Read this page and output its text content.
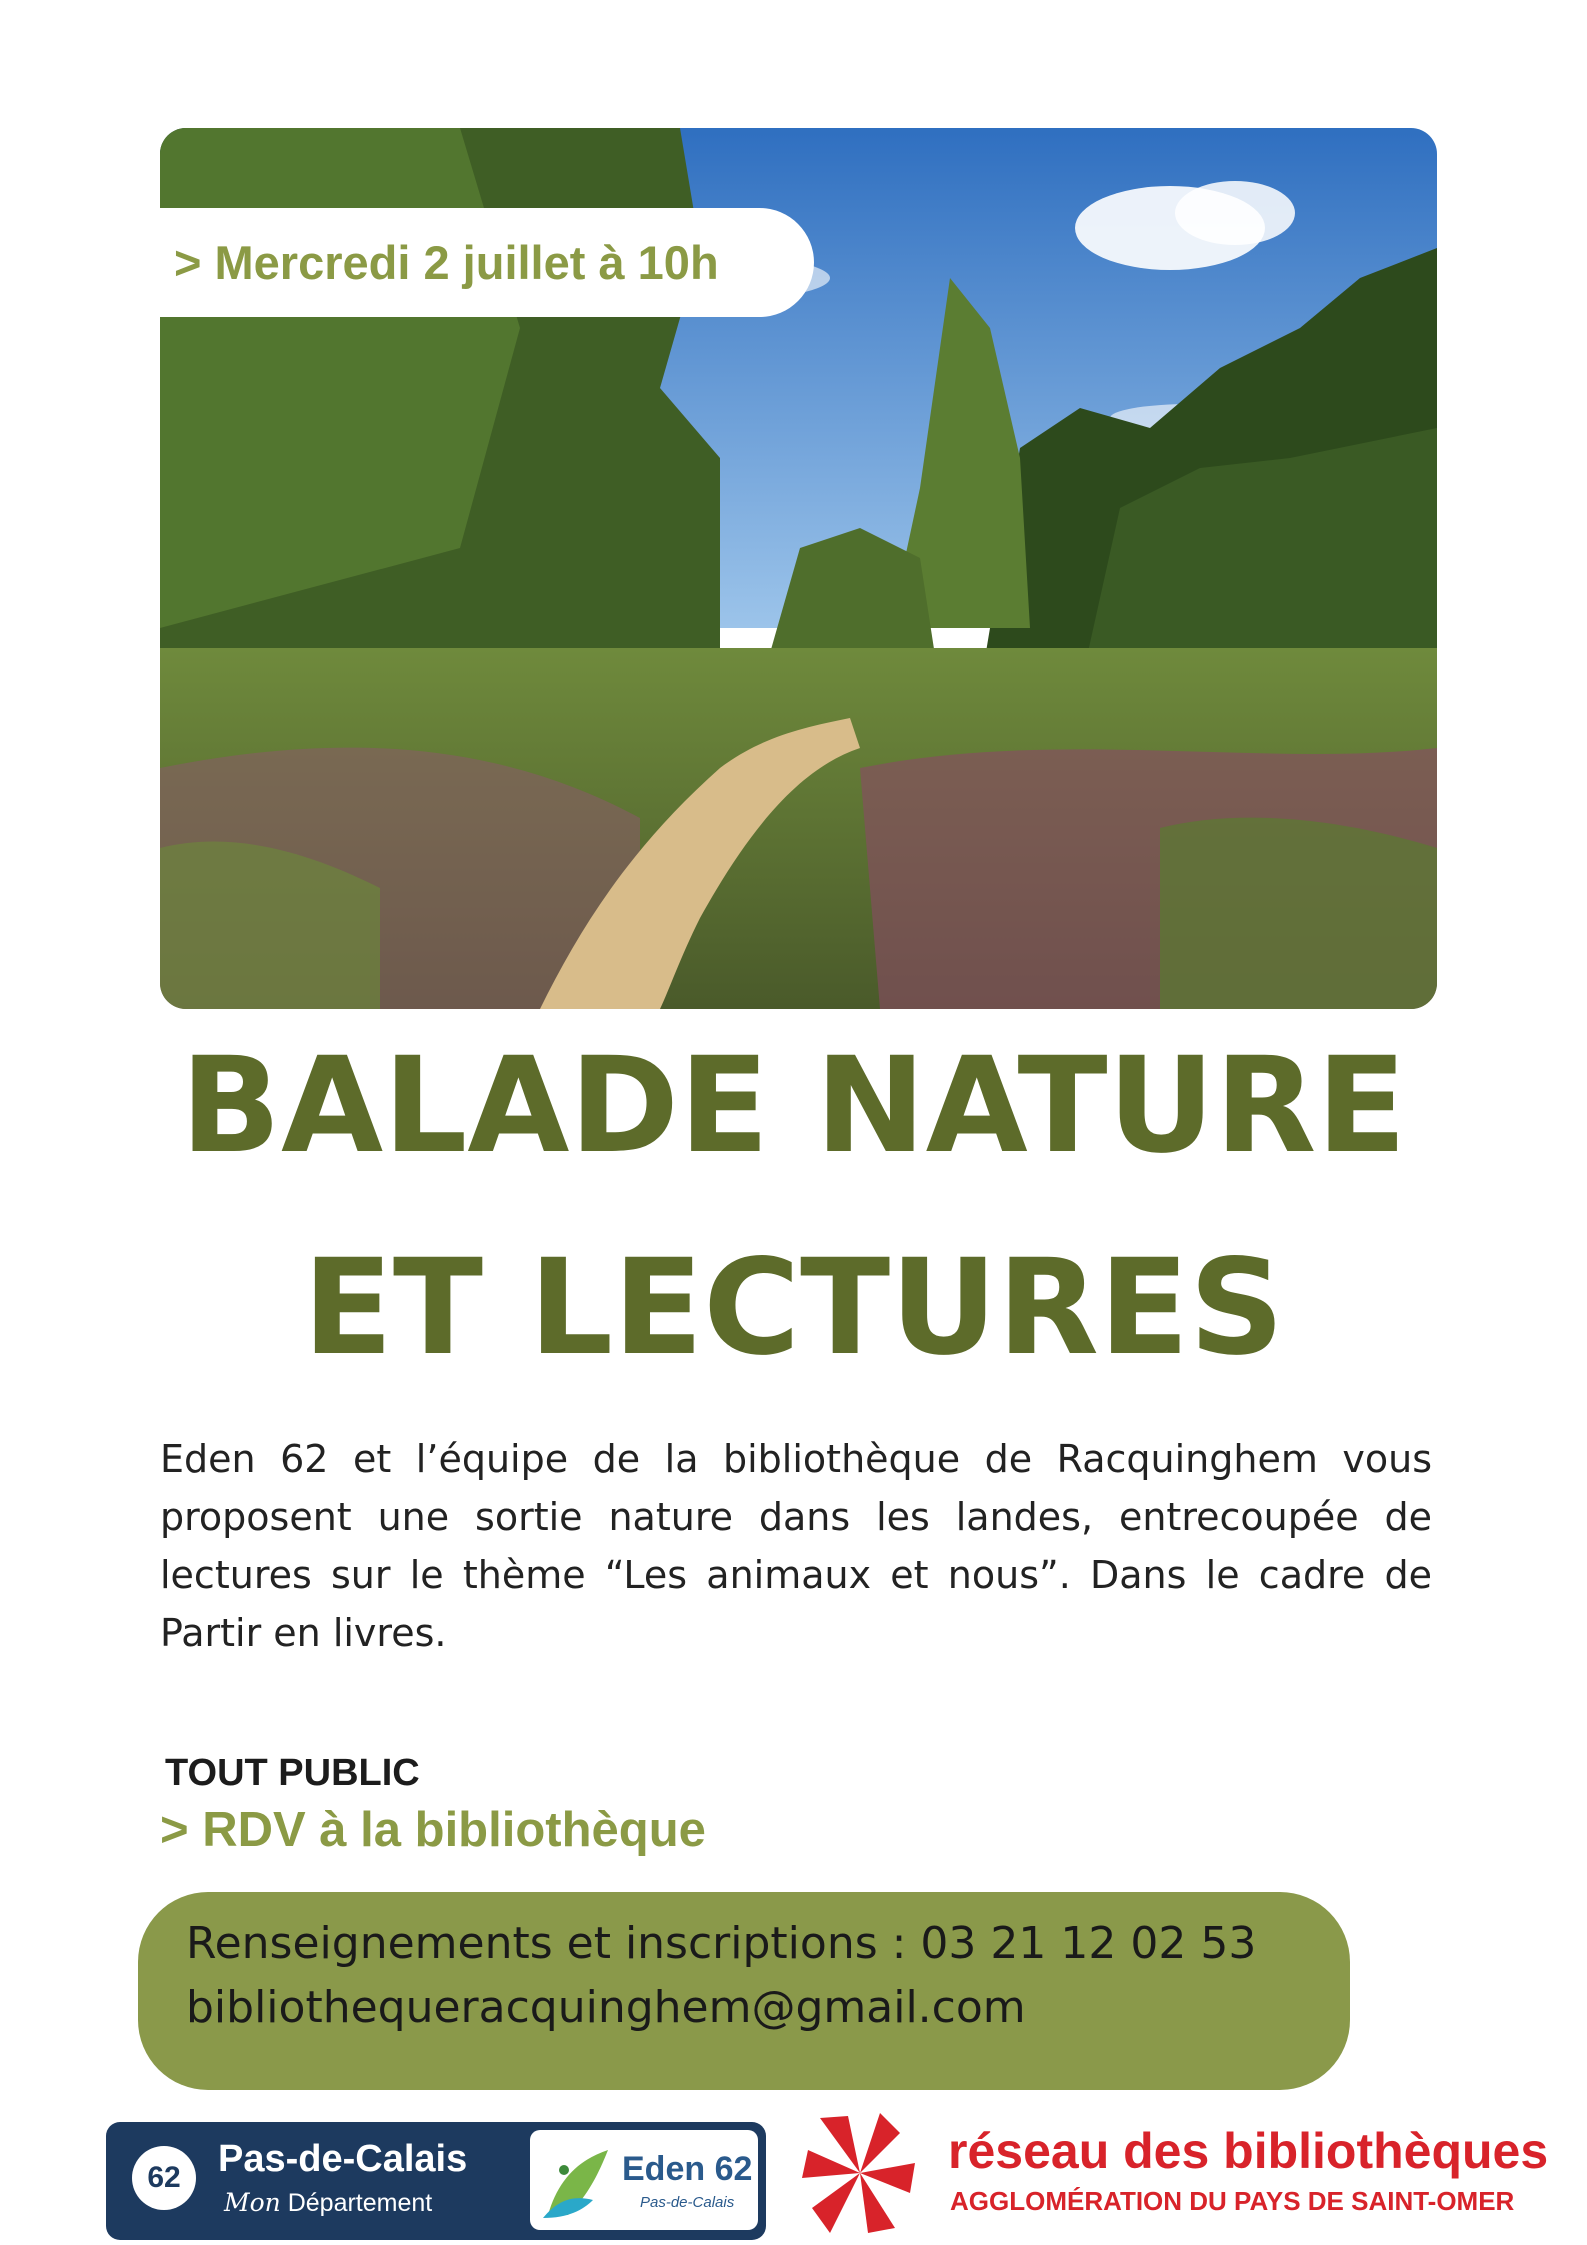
> Mercredi 2 juillet à 10h
BALADE NATURE
ET LECTURES
Eden 62 et l’équipe de la bibliothèque de Racquinghem vous proposent une sortie nature dans les landes, entrecoupée de lectures sur le thème “Les animaux et nous”. Dans le cadre de Partir en livres.
TOUT PUBLIC
> RDV à la bibliothèque
Renseignements et inscriptions : 03 21 12 02 53
bibliothequeracquinghem@gmail.com
62 Pas-de-Calais
Mon Département
Eden 62
Pas-de-Calais
réseau des bibliothèques
AGGLOMÉRATION DU PAYS DE SAINT-OMER
